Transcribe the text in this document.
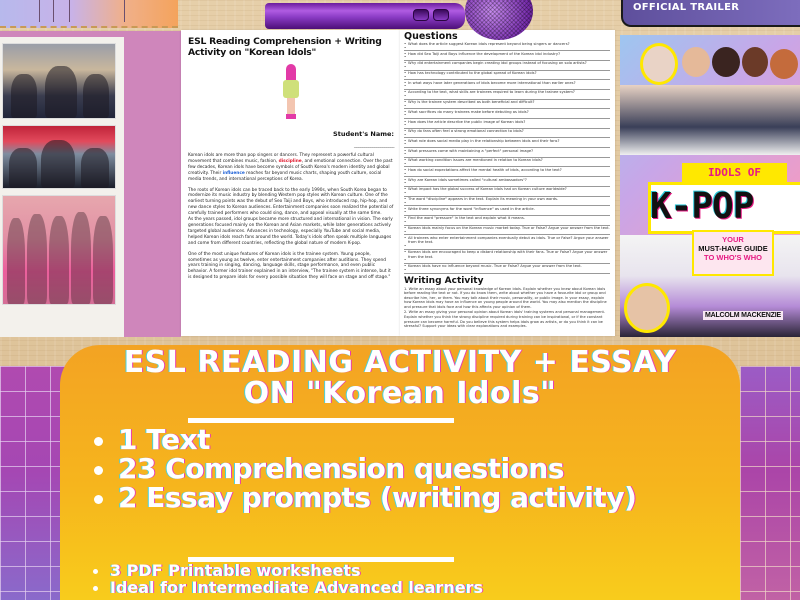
ESL Reading Comprehension + Writing Activity on "Korean Idols"
Student's Name:
____________________

Korean idols are more than pop singers or dancers. They represent a powerful cultural movement that combines music, fashion, discipline, and emotional connection. Over the past few decades, Korean idols have become symbols of South Korea's modern identity and global creativity. Their influence reaches far beyond music charts, shaping youth culture, social media trends, and international perceptions of Korea.

The roots of Korean idols can be traced back to the early 1990s, when South Korea began to modernize its music industry by blending Western pop styles with Korean culture. One of the earliest turning points was the debut of Seo Taiji and Boys, who introduced rap, hip-hop, and new dance styles to Korean audiences. Entertainment companies soon realized the potential of carefully trained performers who could sing, dance, and appeal visually at the same time.

As the years passed, idol groups became more structured and international in vision. The early generations focused mainly on the Korean and Asian markets, while later generations actively targeted global audiences. Advances in technology, especially YouTube and social media, helped Korean idols reach fans around the world. Today's idols often speak multiple languages and come from different countries, reflecting the global nature of modern K-pop.

One of the most unique features of Korean idols is the trainee system. Young people, sometimes as young as twelve, enter entertainment companies after auditions. They spend years training in singing, dancing, language skills, stage performance, and even public behavior. A former idol trainer explained in an interview, "The trainee system is intense, but it is designed to prepare idols for every possible situation they will face on stage and off stage."

Questions
• What does the article suggest Korean idols represent beyond being singers or dancers?
•
• How did Seo Taiji and Boys influence the development of the Korean idol industry?
•
• Why did entertainment companies begin creating idol groups instead of focusing on solo artists?
•
• How has technology contributed to the global spread of Korean idols?
•
• In what ways have later generations of idols become more international than earlier ones?
•
• According to the text, what skills are trainees required to learn during the trainee system?
•
• Why is the trainee system described as both beneficial and difficult?
•
• What sacrifices do many trainees make before debuting as idols?
•
• How does the article describe the public image of Korean idols?
•
• Why do fans often feel a strong emotional connection to idols?
•
• What role does social media play in the relationship between idols and their fans?
•
• What pressures come with maintaining a "perfect" personal image?
•
• What working condition issues are mentioned in relation to Korean idols?
•
• How do social expectations affect the mental health of idols, according to the text?
•
• Why are Korean idols sometimes called "cultural ambassadors"?
•
• What impact has the global success of Korean idols had on Korean culture worldwide?
•
• The word "discipline" appears in the text. Explain its meaning in your own words.
•
• Write three synonyms for the word "influence" as used in the article.
•
• Find the word "pressure" in the text and explain what it means.
•
• Korean idols mainly focus on the Korean music market today. True or False? Argue your answer from the text.
•
• All trainees who enter entertainment companies eventually debut as idols. True or False? Argue your answer from the text.
•
• Korean idols are encouraged to keep a distant relationship with their fans. True or False? Argue your answer from the text.
•
• Korean idols have no influence beyond music. True or False? Argue your answer from the text.
•
Writing Activity

1. Write an essay about your personal knowledge of Korean idols. Explain whether you knew about Korean idols before reading the text or not. If you do know them, write about whether you have a favourite idol or group and describe him, her, or them. You may talk about their music, personality, or public image. In your essay, explain how Korean idols may have an influence on young people around the world. You may also mention the discipline and pressure that idols face and how this affects your opinion of them.

2. Write an essay giving your personal opinion about Korean idols' training systems and personal management. Explain whether you think the strong discipline required during training can be inspirational, or if the constant pressure can become harmful. Do you believe this system helps idols grow as artists, or do you think it can be stressful? Support your ideas with clear explanations and examples.

OFFICIAL TRAILER
IDOLS OF
K-POP
YOUR
MUST-HAVE GUIDE
TO WHO'S WHO
MALCOLM MACKENZIE
ESL READING ACTIVITY + ESSAY
ON "Korean Idols"
1 Text
23 Comprehension questions
2 Essay prompts (writing activity)
3 PDF Printable worksheets
Ideal for Intermediate Advanced learners
